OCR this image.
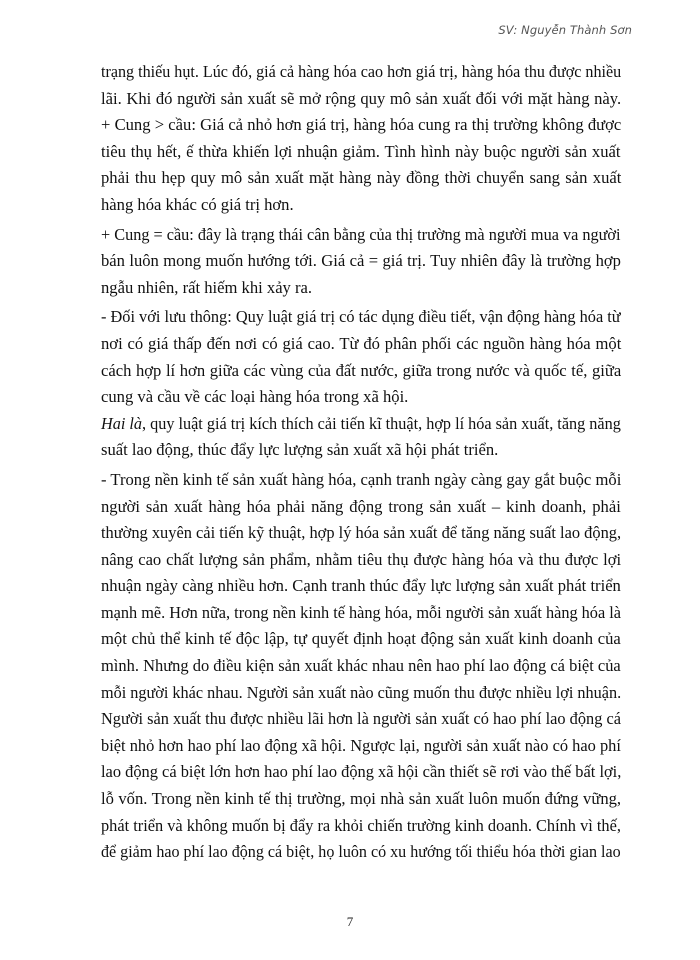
SV: Nguyễn Thành Sơn
trạng thiếu hụt. Lúc đó, giá cả hàng hóa cao hơn giá trị, hàng hóa thu được nhiều
lãi. Khi đó người sản xuất sẽ mở rộng quy mô sản xuất đối với mặt hàng này.
+ Cung > cầu: Giá cả nhỏ hơn giá trị, hàng hóa cung ra thị trường không được
tiêu thụ hết, ế thừa khiến lợi nhuận giảm. Tình hình này buộc người sản xuất
phải thu hẹp quy mô sản xuất mặt hàng này đồng thời chuyển sang sản xuất
hàng hóa khác có giá trị hơn.
+ Cung = cầu: đây là trạng thái cân bằng của thị trường mà người mua va người
bán luôn mong muốn hướng tới. Giá cả = giá trị. Tuy nhiên đây là trường hợp
ngẫu nhiên, rất hiếm khi xảy ra.
- Đối với lưu thông: Quy luật giá trị có tác dụng điều tiết, vận động hàng hóa từ
nơi có giá thấp đến nơi có giá cao. Từ đó phân phối các nguồn hàng hóa một
cách hợp lí hơn giữa các vùng của đất nước, giữa trong nước và quốc tế, giữa
cung và cầu về các loại hàng hóa trong xã hội.
Hai là, quy luật giá trị kích thích cải tiến kĩ thuật, hợp lí hóa sản xuất, tăng năng
suất lao động, thúc đẩy lực lượng sản xuất xã hội phát triển.
- Trong nền kinh tế sản xuất hàng hóa, cạnh tranh ngày càng gay gắt buộc mỗi
người sản xuất hàng hóa phải năng động trong sản xuất – kinh doanh, phải
thường xuyên cải tiến kỹ thuật, hợp lý hóa sản xuất để tăng năng suất lao động,
nâng cao chất lượng sản phẩm, nhằm tiêu thụ được hàng hóa và thu được lợi
nhuận ngày càng nhiều hơn. Cạnh tranh thúc đẩy lực lượng sản xuất phát triển
mạnh mẽ. Hơn nữa, trong nền kinh tế hàng hóa, mỗi người sản xuất hàng hóa là
một chủ thể kinh tế độc lập, tự quyết định hoạt động sản xuất kinh doanh của
mình. Nhưng do điều kiện sản xuất khác nhau nên hao phí lao động cá biệt của
mỗi người khác nhau. Người sản xuất nào cũng muốn thu được nhiều lợi nhuận.
Người sản xuất thu được nhiều lãi hơn là người sản xuất có hao phí lao động cá
biệt nhỏ hơn hao phí lao động xã hội. Ngược lại, người sản xuất nào có hao phí
lao động cá biệt lớn hơn hao phí lao động xã hội cần thiết sẽ rơi vào thế bất lợi,
lỗ vốn. Trong nền kinh tế thị trường, mọi nhà sản xuất luôn muốn đứng vững,
phát triển và không muốn bị đẩy ra khỏi chiến trường kinh doanh. Chính vì thế,
để giảm hao phí lao động cá biệt, họ luôn có xu hướng tối thiểu hóa thời gian lao
7
